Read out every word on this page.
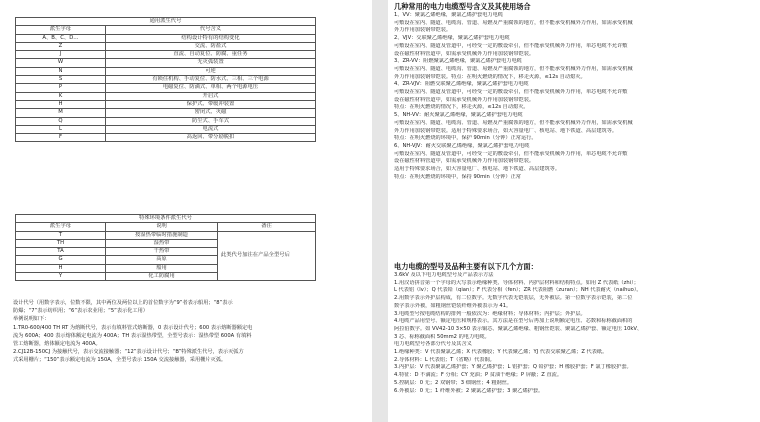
通用派生代号	
派生字母	代号含义
A、B、C、D…	结构设计特有的结构变化
Z	交流、防盐式
J	直流、自动复位、防腐、重任务
W	无灭弧装置
N	可逆
S	有锁住机构、手动复位、防水式、三相、三个电源
P	电磁复位、防滴式、单相、两个电源电压
K	开启式
H	保护式、带缓冲装置
M	密闭式、灭磁
Q	防尘式、手车式
L	电流式
F	高返回、带分励脱扣
特殊环境条件派生代号		
派生字母	说明	备注
T	按湿热带临时措施制造	此类代号加注在产品全型号后
TH	湿热带	
TA	干热带	
G	高原	
H	船用	
Y	化工防腐用	

设计代号（用数字表示，位数不限，其中两位及两位以上的首位数字为“9”者表示船用；“8”表示

防爆；“7”表示纺织用；“6”表示农业用；“5”表示化工用）

举例说明如下：

1.TR0-600/400 TH RT 为熔断代号，表示有填料管式熔断器，0 表示设计代号；600 表示熔断器额定电

流为 600A；400 表示熔体额定电流为 400A；TH 表示湿热带型，全型号表示：湿热带型 600A 有填料

管工熔断器，熔体额定电流为 400A。

2.CJ12B-150CJ 为接触代号，表示交流接触器；“12”表示设计代号；“B”特殊派生代号，表示灭弧方

式采用栅片；“150”表示额定电流为 150A，全型号表示 150A 交流接触器，采用栅片灭弧。

几种常用的电力电缆型号含义及其使用场合

1、VV：聚氯乙烯绝缘，聚氯乙烯护套电力电缆

可敷设在室内、隧道、电缆沟、管道、易燃及严重腐蚀的地方，但不能承受机械外力作用，如需承受机械

外力作用加装钢带铠装。

2、VJV：交联聚乙烯绝缘，聚氯乙烯护套电力电缆

可敷设在室内、隧道及管道中，可经受一定的敷设牵引，但不能承受机械外力作用，单芯电缆不允许敷

设在磁性材料管道中，如需承受机械外力作用加装钢带铠装。

3、ZR-VV：阻燃聚氯乙烯绝缘，聚氯乙烯护套电力电缆

可敷设在室内、隧道、电缆沟、管道、易燃及严重腐蚀的地方，但不能承受机械外力作用，如需承受机械

外力作用加装钢带铠装。特点：在明火燃烧的情况下，移走火源，≤12s 自动熄灭。

4、ZR-VJV：阻燃交联聚乙烯绝缘，聚氯乙烯护套电力电缆

可敷设在室内、隧道及管道中，可经受一定的敷设牵引，但不能承受机械外力作用，单芯电缆不允许敷

设在磁性材料管道中，如需承受机械外力作用加装钢带铠装。

特点：在明火燃烧的情况下，移走火源，≤12s 自动熄灭。

5、NH-VV：耐火聚氯乙烯绝缘，聚氯乙烯护套电力电缆

可敷设在室内、隧道、电缆沟、管道、易燃及严重腐蚀的地方，但不能承受机械外力作用，如需承受机械

外力作用加装钢带铠装。适用于特殊要求场合，如大容量电厂、核电站、地下铁道、高层建筑等。

特点：在明火燃烧的环境中，保护 90min（分钟）正常运行。

6、NH-VJV：耐火交联聚乙烯绝缘，聚氯乙烯护套电力电缆

可敷设在室内、隧道及管道中，可经受一定的敷设牵引，但不能承受机械外力作用，单芯电缆不允许敷

设在磁性材料管道中，如需承受机械外力作用加装钢带铠装。

适用于特殊要求场合，如大容量电厂、核电站、地下铁道、高层建筑等。

特点：在明火燃烧的环境中，保持 90min（分钟）正常

电力电缆的型号及品种主要有以下几个方面：

3.6kV 及以下电力电缆型号及产品表示方法

1.用汉语拼音第一个字母的大写表示绝缘种类、导体材料、内护层材料和结构特点。如用 Z 代表纸（zhi）；

L 代表铝（lv）；Q 代表铅（qian）；F 代表分相（fen）；ZR 代表阻燃（zuran）；NH 代表耐火（naihuo）。

2.用数字表示外护层构成，有二位数字。无数字代表无铠装层，无外被层。第一位数字表示铠装，第二位

数字表示外被，如粗钢丝铠装纤维外被表示为 41。

3.电缆型号按电缆结构的排列一般依次为：绝缘材料；导体材料；内护层；外护层。

4.电缆产品用型号、额定电压和规格表示。其方法是在型号后再加上说明额定电压、芯数和标称截面积的

阿拉伯数字。如 VV42-10 3×50 表示铜芯、聚氯乙烯绝缘、粗钢丝铠装、聚氯乙烯护套、额定电压 10kV、

3 芯、标称截面积 50mm2 的电力电缆。

电力电缆型号各部分代号及其含义

1.绝缘种类：V 代表聚氯乙烯；X 代表橡胶；Y 代表聚乙烯；YJ 代表交联聚乙烯；Z 代表纸。

2.导体材料：L 代表铝；T（省略）代表铜。

3.内护层：V 代表聚氯乙烯护套；Y 聚乙烯护套；L 铝护套；Q 铅护套；H 橡胶护套；F 氯丁橡胶护套。

4.特征：D 不滴流；F 分相；CY 充油；P 贫油干绝缘；P 屏蔽；Z 直流。

5.控制层：0 无；2 双钢带；3 细钢丝；4 粗钢丝。

6.外被层：0 无；1 纤维外被；2 聚氯乙烯护套；3 聚乙烯护套。
